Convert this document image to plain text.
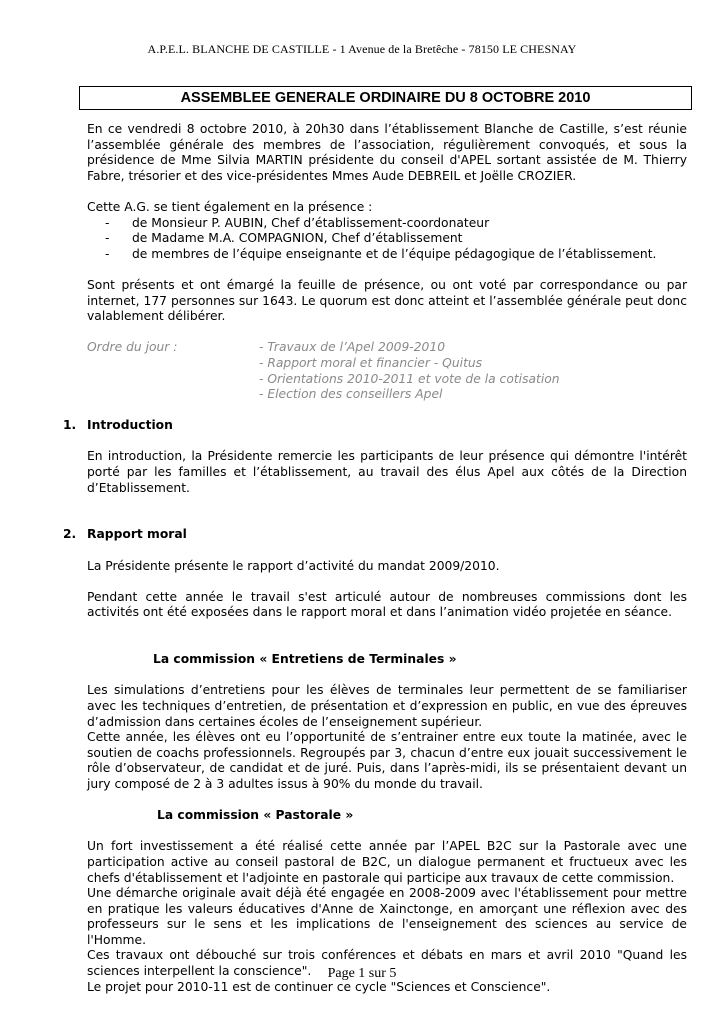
A.P.E.L. BLANCHE DE CASTILLE - 1 Avenue de la Bretêche - 78150 LE CHESNAY
ASSEMBLEE GENERALE ORDINAIRE DU 8 OCTOBRE 2010

En ce vendredi 8 octobre 2010, à 20h30 dans l’établissement Blanche de Castille, s’est réunie l’assemblée générale des membres de l’association, régulièrement convoqués, et sous la présidence de Mme Silvia MARTIN présidente du conseil d'APEL sortant assistée de M. Thierry Fabre, trésorier et des vice-présidentes Mmes Aude DEBREIL et Joëlle CROZIER.

Cette A.G. se tient également en la présence :

- de Monsieur P. AUBIN, Chef d’établissement-coordonateur
- de Madame M.A. COMPAGNION, Chef d’établissement
- de membres de l’équipe enseignante et de l’équipe pédagogique de l’établissement.

Sont présents et ont émargé la feuille de présence, ou ont voté par correspondance ou par internet, 177 personnes sur 1643. Le quorum est donc atteint et l’assemblée générale peut donc valablement délibérer.

Ordre du jour :	- Travaux de l’Apel 2009-2010
- Rapport moral et financier - Quitus
- Orientations 2010-2011 et vote de la cotisation
- Election des conseillers Apel
1. Introduction

En introduction, la Présidente remercie les participants de leur présence qui démontre l'intérêt porté par les familles et l’établissement, au travail des élus Apel aux côtés de la Direction d’Etablissement.

2. Rapport moral

La Présidente présente le rapport d’activité du mandat 2009/2010.

Pendant cette année le travail s'est articulé autour de nombreuses commissions dont les activités ont été exposées dans le rapport moral et dans l’animation vidéo projetée en séance.

La commission « Entretiens de Terminales »

Les simulations d’entretiens pour les élèves de terminales leur permettent de se familiariser avec les techniques d’entretien, de présentation et d’expression en public, en vue des épreuves d’admission dans certaines écoles de l’enseignement supérieur.

Cette année, les élèves ont eu l’opportunité de s’entrainer entre eux toute la matinée, avec le soutien de coachs professionnels. Regroupés par 3, chacun d’entre eux jouait successivement le rôle d’observateur, de candidat et de juré. Puis, dans l’après-midi, ils se présentaient devant un jury composé de 2 à 3 adultes issus à 90% du monde du travail.

La commission « Pastorale »

Un fort investissement a été réalisé cette année par l’APEL B2C sur la Pastorale avec une participation active au conseil pastoral de B2C, un dialogue permanent et fructueux avec les chefs d'établissement et l'adjointe en pastorale qui participe aux travaux de cette commission.

Une démarche originale avait déjà été engagée en 2008-2009 avec l'établissement pour mettre en pratique les valeurs éducatives d'Anne de Xainctonge, en amorçant une réflexion avec des professeurs sur le sens et les implications de l'enseignement des sciences au service de l'Homme.

Ces travaux ont débouché sur trois conférences et débats en mars et avril 2010 "Quand les sciences interpellent la conscience".

Le projet pour 2010-11 est de continuer ce cycle "Sciences et Conscience".

Page 1 sur 5
